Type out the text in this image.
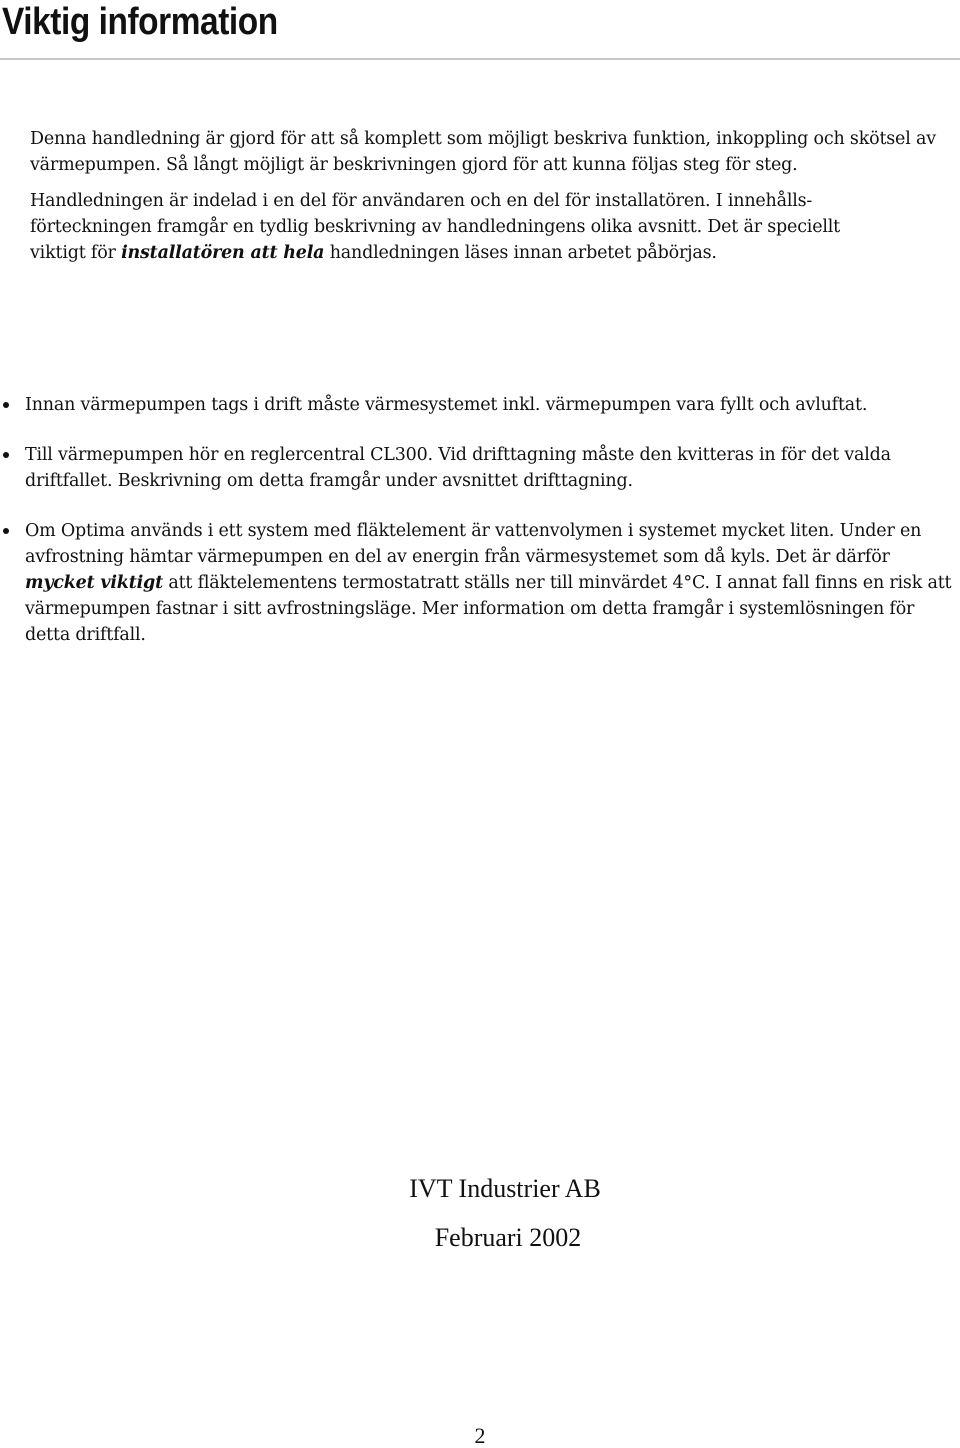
Viktig information

Denna handledning är gjord för att så komplett som möjligt beskriva funktion, inkoppling och skötsel av värmepumpen. Så långt möjligt är beskrivningen gjord för att kunna följas steg för steg.

Handledningen är indelad i en del för användaren och en del för installatören. I innehålls-
förteckningen framgår en tydlig beskrivning av handledningens olika avsnitt. Det är speciellt
viktigt för installatören att hela handledningen läses innan arbetet påbörjas.

Innan värmepumpen tags i drift måste värmesystemet inkl. värmepumpen vara fyllt och avluftat.
Till värmepumpen hör en reglercentral CL300. Vid drifttagning måste den kvitteras in för det valda driftfallet. Beskrivning om detta framgår under avsnittet drifttagning.
Om Optima används i ett system med fläktelement är vattenvolymen i systemet mycket liten. Under en avfrostning hämtar värmepumpen en del av energin från värmesystemet som då kyls. Det är därför mycket viktigt att fläktelementens termostatratt ställs ner till minvärdet 4°C. I annat fall finns en risk att värmepumpen fastnar i sitt avfrostningsläge. Mer information om detta framgår i systemlösningen för detta driftfall.
IVT Industrier AB
Februari 2002
2
